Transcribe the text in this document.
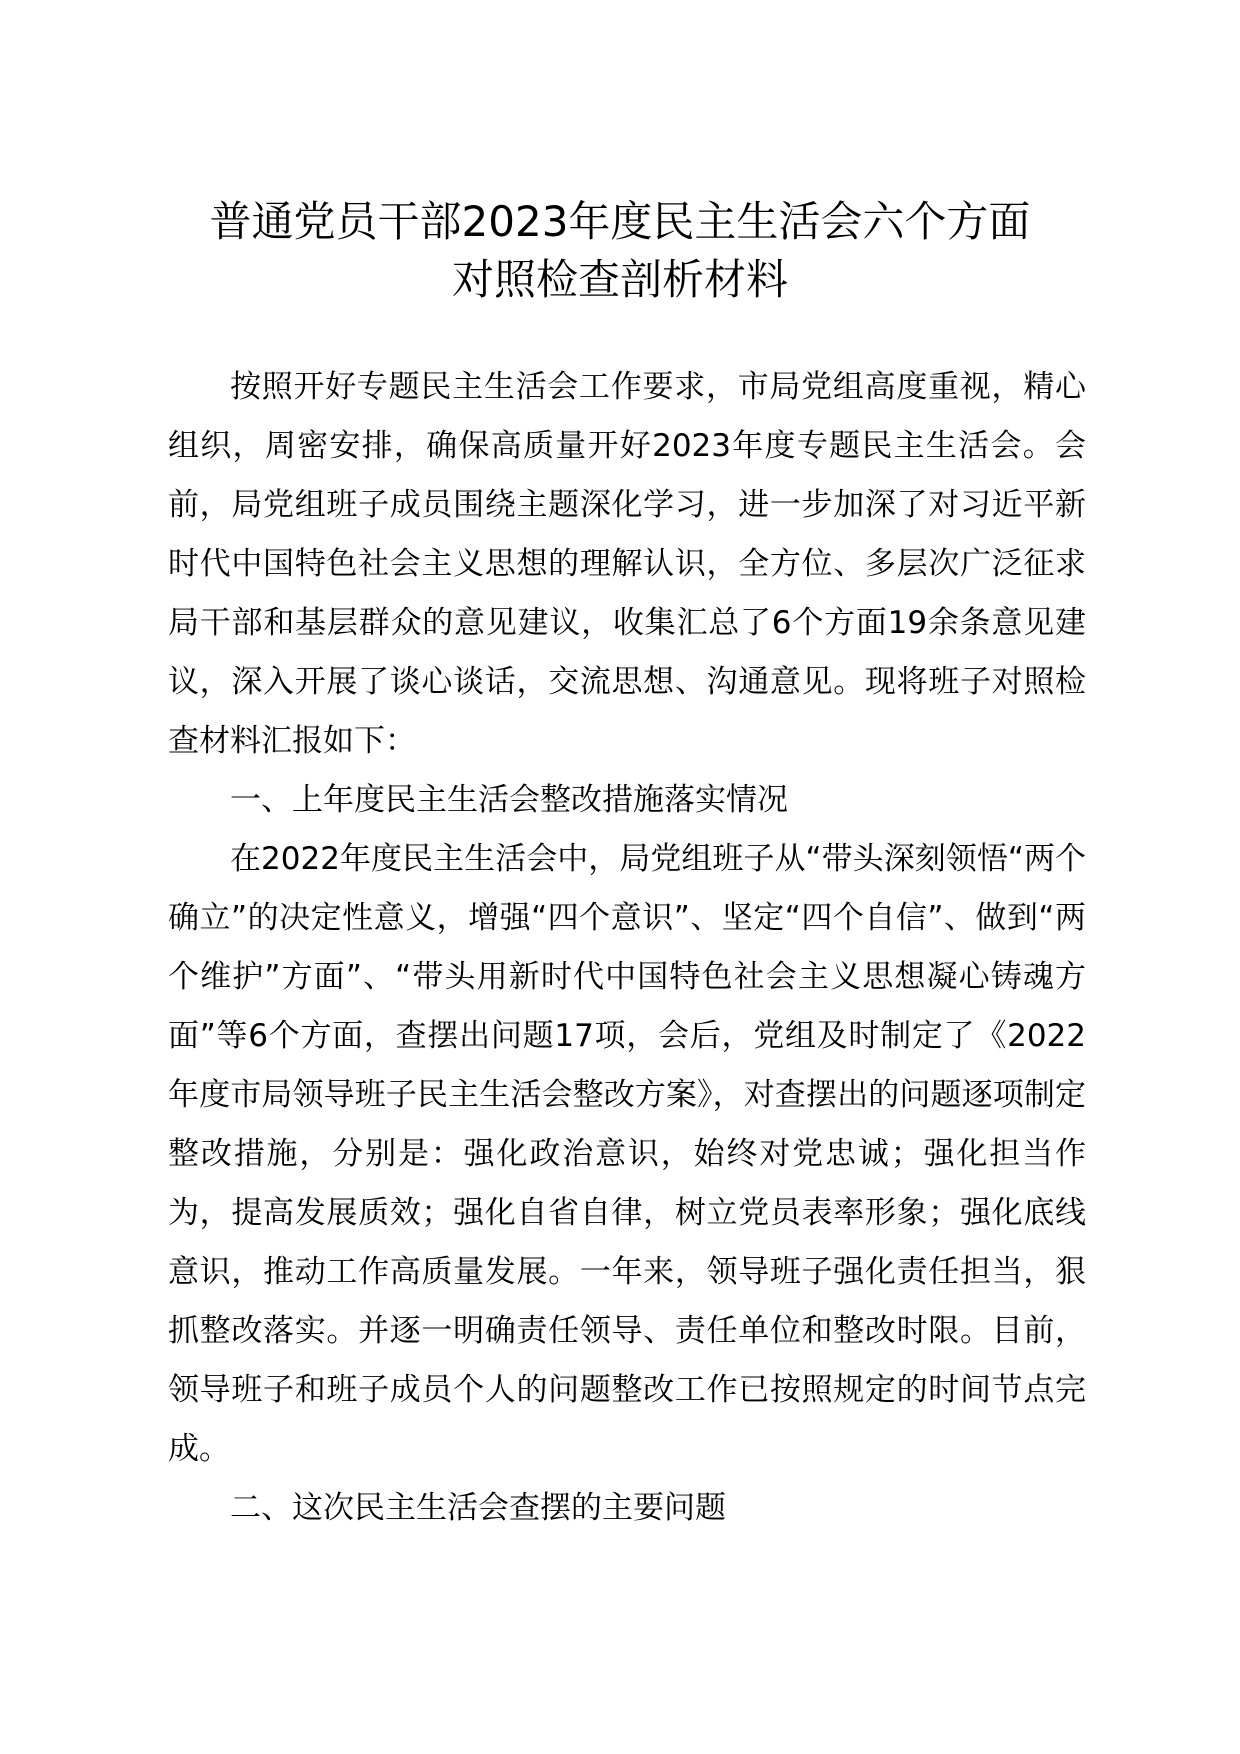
普通党员干部2023年度民主生活会六个方面
对照检查剖析材料

按照开好专题民主生活会工作要求，市局党组高度重视，精心组织，周密安排，确保高质量开好2023年度专题民主生活会。会前，局党组班子成员围绕主题深化学习，进一步加深了对习近平新时代中国特色社会主义思想的理解认识，全方位、多层次广泛征求局干部和基层群众的意见建议，收集汇总了6个方面19余条意见建议，深入开展了谈心谈话，交流思想、沟通意见。现将班子对照检查材料汇报如下：

一、上年度民主生活会整改措施落实情况

在2022年度民主生活会中，局党组班子从“带头深刻领悟“两个确立”的决定性意义，增强“四个意识”、坚定“四个自信”、做到“两个维护”方面”、“带头用新时代中国特色社会主义思想凝心铸魂方面”等6个方面，查摆出问题17项，会后，党组及时制定了《2022年度市局领导班子民主生活会整改方案》，对查摆出的问题逐项制定整改措施，分别是：强化政治意识，始终对党忠诚；强化担当作为，提高发展质效；强化自省自律，树立党员表率形象；强化底线意识，推动工作高质量发展。一年来，领导班子强化责任担当，狠抓整改落实。并逐一明确责任领导、责任单位和整改时限。目前，领导班子和班子成员个人的问题整改工作已按照规定的时间节点完成。

二、这次民主生活会查摆的主要问题
